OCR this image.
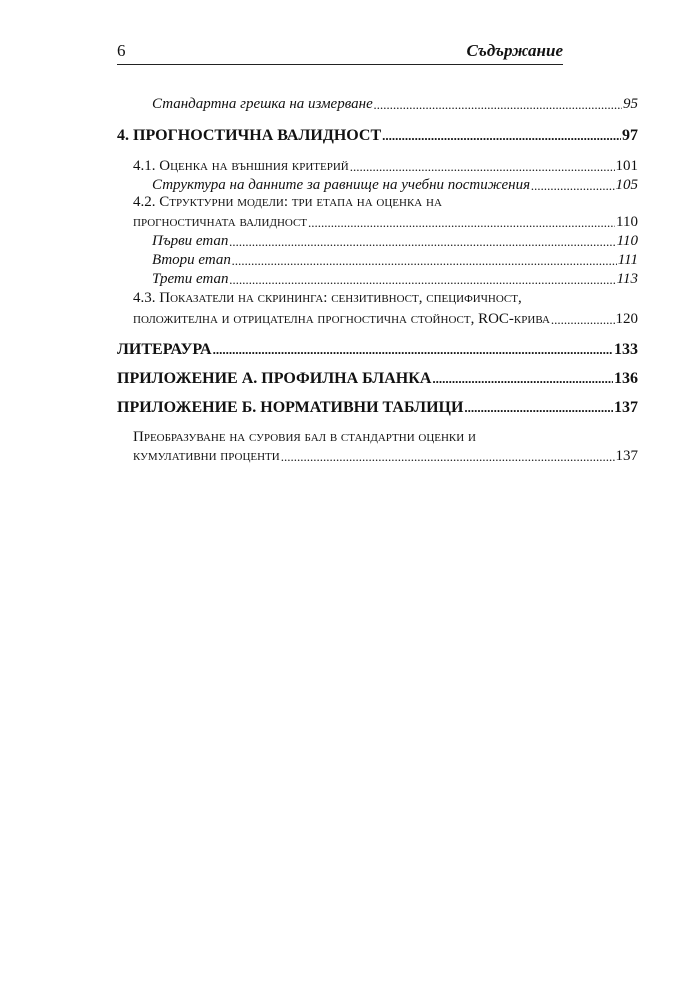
6	Съдържание
Стандартна грешка на измерване .....	95
4. ПРОГНОСТИЧНА ВАЛИДНОСТ .....	97
4.1. Оценка на външния критерий .....	101
Структура на данните за равнище на учебни постижения .....	105
4.2. Структурни модели: три етапа на оценка на
прогностичната валидност .....	110
Първи етап .....	110
Втори етап .....	111
Трети етап .....	113
4.3. Показатели на скрининга: сензитивност, специфичност,
положителна и отрицателна прогностична стойност, ROC-крива .....	120
ЛИТЕРАУРА .....	133
ПРИЛОЖЕНИЕ А. ПРОФИЛНА БЛАНКА .....	136
ПРИЛОЖЕНИЕ Б. НОРМАТИВНИ ТАБЛИЦИ .....	137
Преобразуване на суровия бал в стандартни оценки и
кумулативни проценти .....	137
